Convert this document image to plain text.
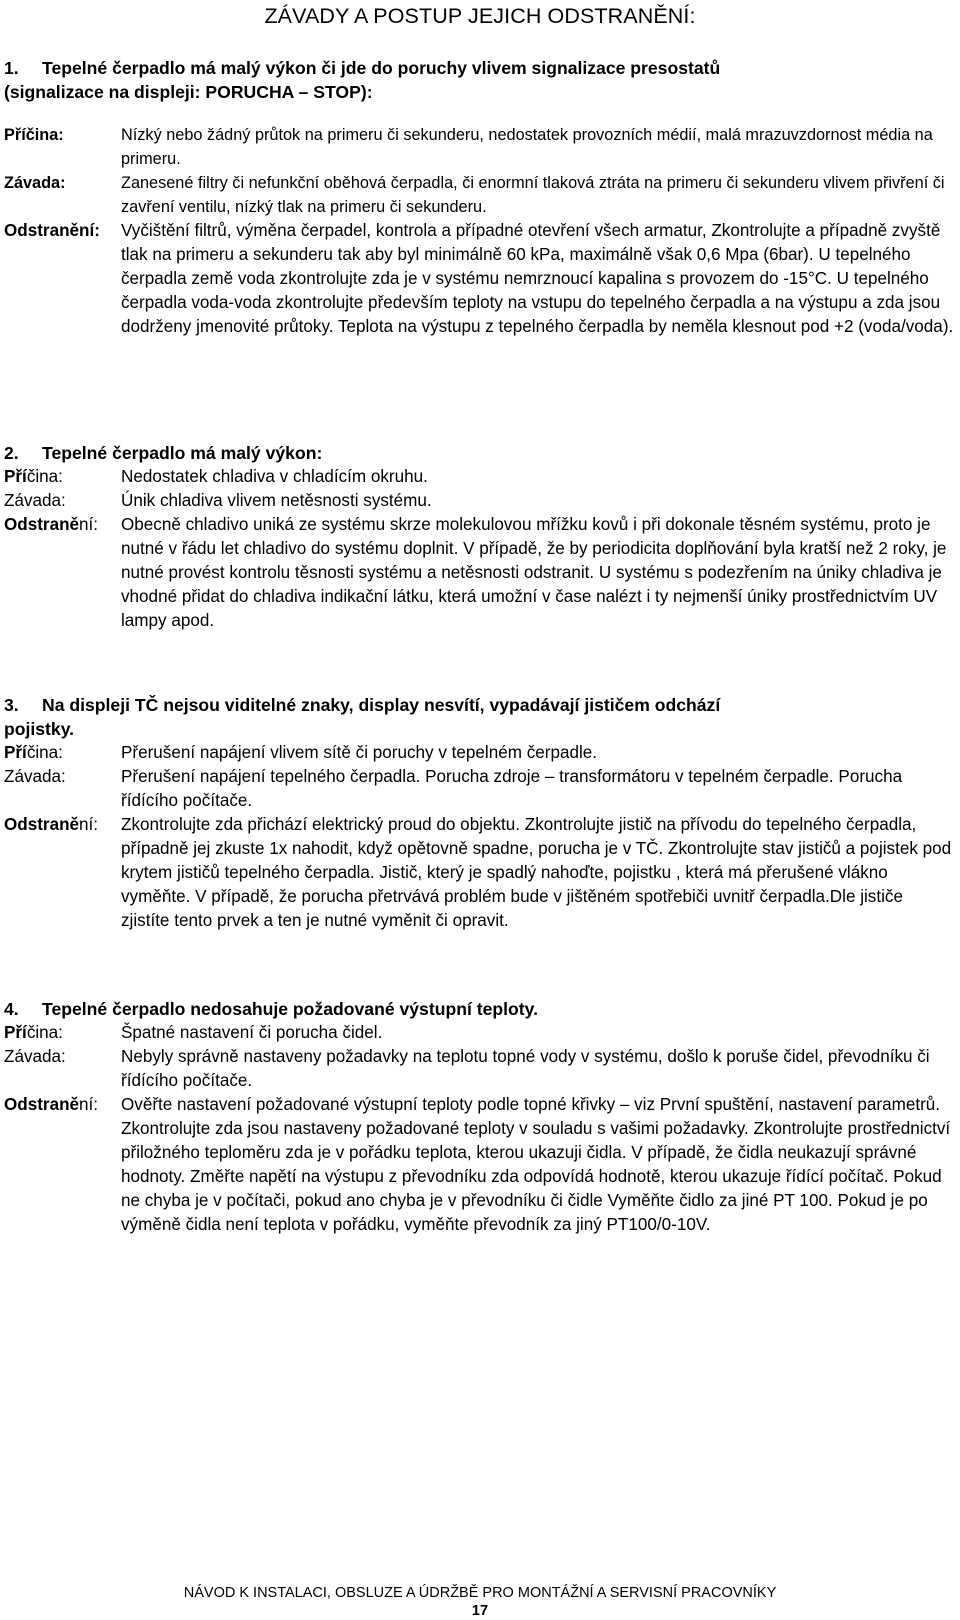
ZÁVADY A POSTUP JEJICH ODSTRANĚNÍ:
1. Tepelné čerpadlo má malý výkon či jde do poruchy vlivem signalizace presostatů
(signalizace na displeji: PORUCHA – STOP):
Příčina:	Nízký nebo žádný průtok na primeru či sekunderu, nedostatek provozních médií, malá mrazuvzdornost média na primeru.
Závada:	Zanesené filtry či nefunkční oběhová čerpadla, či enormní tlaková ztráta na primeru či sekunderu vlivem přivření či zavření ventilu, nízký tlak na primeru či sekunderu.
Odstranění: Vyčištění filtrů, výměna čerpadel, kontrola a případné otevření všech armatur, Zkontrolujte a případně zvyště tlak na primeru a sekunderu tak aby byl minimálně 60 kPa, maximálně však 0,6 Mpa (6bar). U tepelného čerpadla země voda zkontrolujte zda je v systému nemrznoucí kapalina s provozem do -15°C. U tepelného čerpadla voda-voda zkontrolujte především teploty na vstupu do tepelného čerpadla a na výstupu a zda jsou dodrženy jmenovité průtoky. Teplota na výstupu z tepelného čerpadla by neměla klesnout pod +2 (voda/voda).
2. Tepelné čerpadlo má malý výkon:
Příčina:	Nedostatek chladiva v chladícím okruhu.
Závada:	Únik chladiva vlivem netěsnosti systému.
Odstranění: Obecně chladivo uniká ze systému skrze molekulovou mřížku kovů i při dokonale těsném systému, proto je nutné v řádu let chladivo do systému doplnit. V případě, že by periodicita doplňování byla kratší než 2 roky, je nutné provést kontrolu těsnosti systému a netěsnosti odstranit. U systému s podezřením na úniky chladiva je vhodné přidat do chladiva indikační látku, která umožní v čase nalézt i ty nejmenší úniky prostřednictvím UV lampy apod.
3. Na displeji TČ nejsou viditelné znaky, display nesvítí, vypadávají jističem odchází
pojistky.
Příčina:	Přerušení napájení vlivem sítě či poruchy v tepelném čerpadle.
Závada:	Přerušení napájení tepelného čerpadla. Porucha zdroje – transformátoru v tepelném čerpadle. Porucha řídícího počítače.
Odstranění: Zkontrolujte zda přichází elektrický proud do objektu. Zkontrolujte jistič na přívodu do tepelného čerpadla, případně jej zkuste 1x nahodit, když opětovně spadne, porucha je v TČ. Zkontrolujte stav jističů a pojistek pod krytem jističů tepelného čerpadla. Jistič, který je spadlý nahoďte, pojistku , která má přerušené vlákno vyměňte. V případě, že porucha přetrvává problém bude v jištěném spotřebiči uvnitř čerpadla.Dle jističe zjistíte tento prvek a ten je nutné vyměnit či opravit.
4. Tepelné čerpadlo nedosahuje požadované výstupní teploty.
Příčina:	Špatné nastavení či porucha čidel.
Závada:	Nebyly správně nastaveny požadavky na teplotu topné vody v systému, došlo k poruše čidel, převodníku či řídícího počítače.
Odstranění: Ověřte nastavení požadované výstupní teploty podle topné křivky – viz První spuštění, nastavení parametrů. Zkontrolujte zda jsou nastaveny požadované teploty v souladu s vašimi požadavky. Zkontrolujte prostřednictví přiložného teploměru zda je v pořádku teplota, kterou ukazuji čidla. V případě, že čidla neukazují správné hodnoty. Změřte napětí na výstupu z převodníku zda odpovídá hodnotě, kterou ukazuje řídící počítač. Pokud ne chyba je v počítači, pokud ano chyba je v převodníku či čidle Vyměňte čidlo za jiné PT 100. Pokud je po výměně čidla není teplota v pořádku, vyměňte převodník za jiný PT100/0-10V.
NÁVOD K INSTALACI, OBSLUZE A ÚDRŽBĚ PRO MONTÁŽNÍ A SERVISNÍ PRACOVNÍKY
17
